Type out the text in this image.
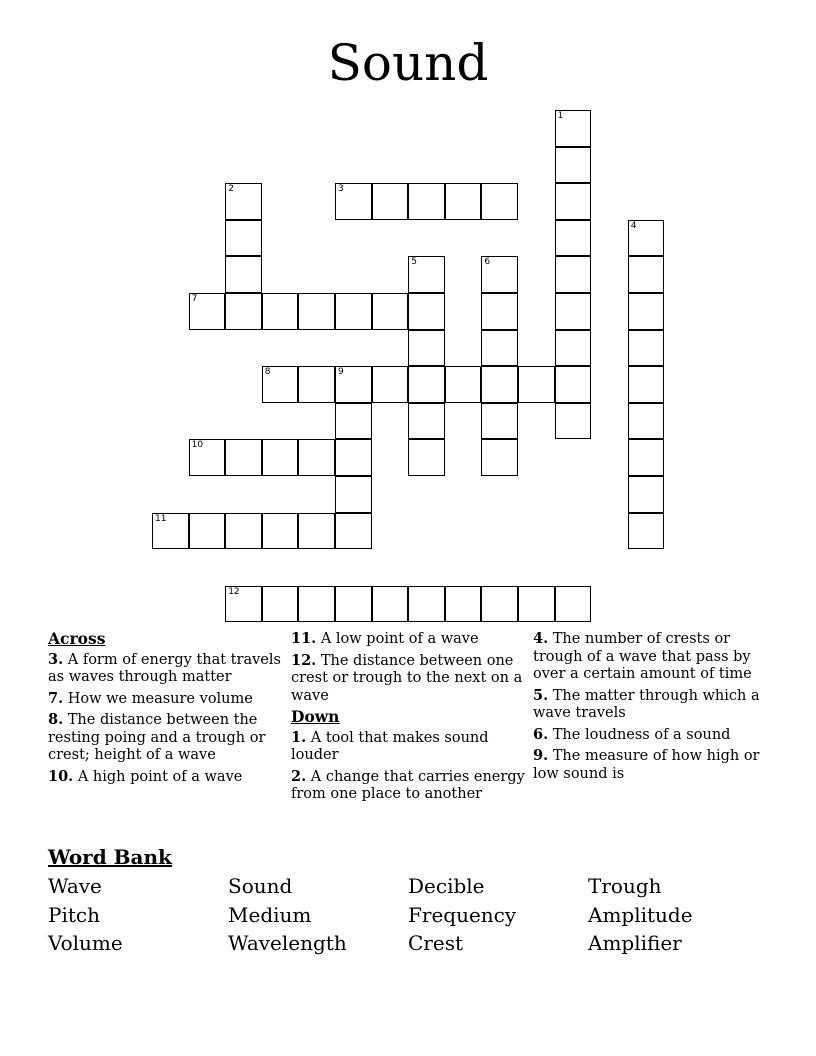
Sound
1
2	3
4
5	6
7
8	9
10
11
12
Across
3. A form of energy that travels as waves through matter
7. How we measure volume
8. The distance between the resting poing and a trough or crest; height of a wave
10. A high point of a wave
11. A low point of a wave
12. The distance between one crest or trough to the next on a wave
Down
1. A tool that makes sound louder
2. A change that carries energy from one place to another
4. The number of crests or trough of a wave that pass by over a certain amount of time
5. The matter through which a wave travels
6. The loudness of a sound
9. The measure of how high or low sound is
Word Bank
Wave	Sound	Decible	Trough
Pitch	Medium	Frequency	Amplitude
Volume	Wavelength	Crest	Amplifier
